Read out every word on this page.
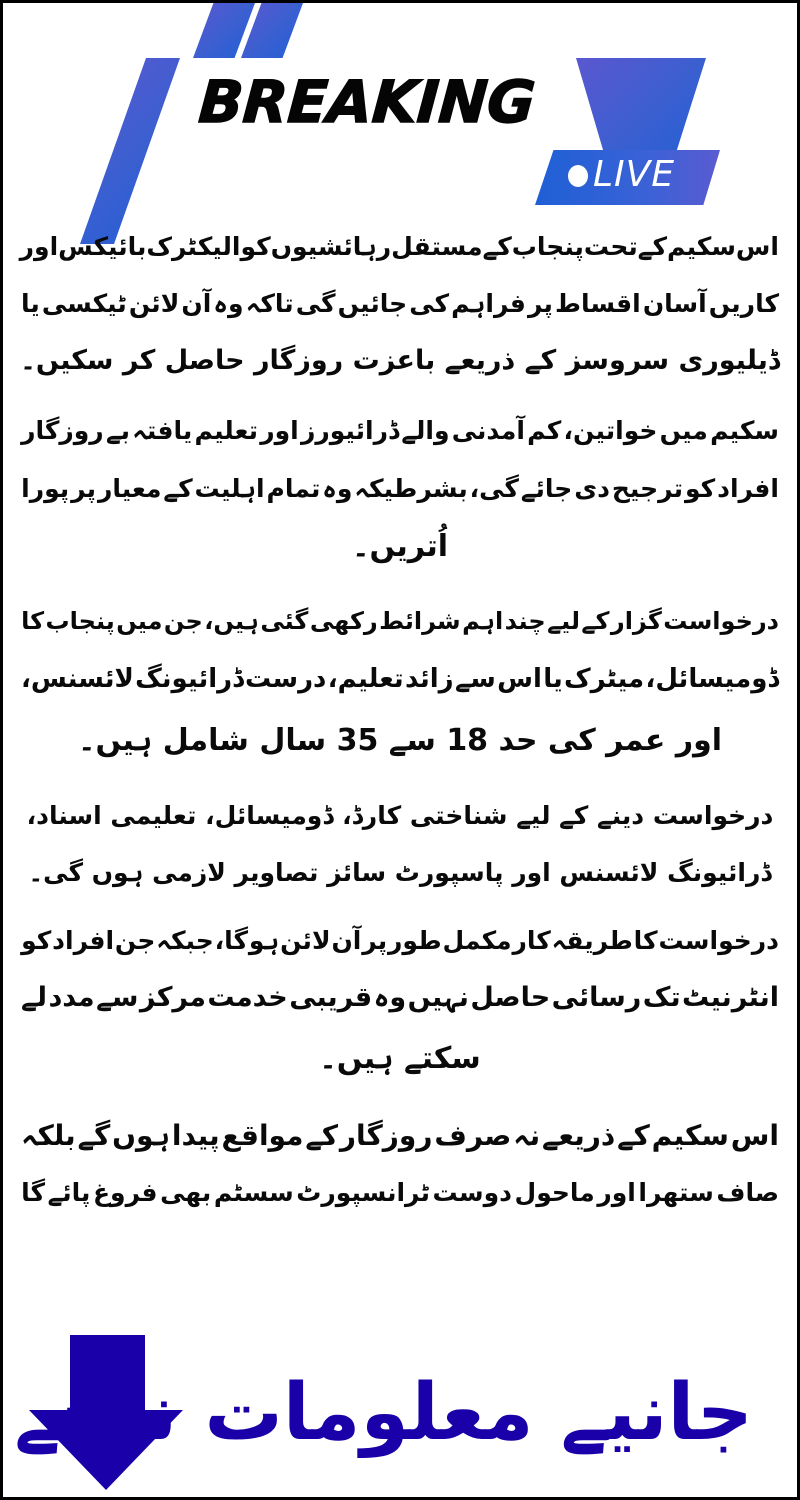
BREAKING
LIVE
اس
سکیم
کے
تحت
پنجاب
کے
مستقل
رہائشیوں
کو
الیکٹرک
بائیکس
اور
کاریں
آسان
اقساط
پر
فراہم
کی
جائیں
گی
تاکہ
وہ
آن
لائن
ٹیکسی
یا
ڈیلیوری سروسز کے ذریعے باعزت روزگار حاصل کر سکیں۔
سکیم
میں
خواتین،
کم
آمدنی
والے
ڈرائیورز
اور
تعلیم
یافتہ
بے
روزگار
افراد
کو
ترجیح
دی
جائے
گی،
بشرطیکہ
وہ
تمام
اہلیت
کے
معیار
پر
پورا
اُتریں۔
درخواست
گزار
کے
لیے
چند
اہم
شرائط
رکھی
گئی
ہیں،
جن
میں
پنجاب
کا
ڈومیسائل،
میٹرک
یا
اس
سے
زائد
تعلیم،
درست
ڈرائیونگ
لائسنس،
اور عمر کی حد 18 سے 35 سال شامل ہیں۔
درخواست دینے کے لیے شناختی کارڈ، ڈومیسائل، تعلیمی اسناد،
ڈرائیونگ لائسنس اور پاسپورٹ سائز تصاویر لازمی ہوں گی۔
درخواست
کا
طریقہ
کار
مکمل
طور
پر
آن
لائن
ہو
گا،
جبکہ
جن
افراد
کو
انٹرنیٹ
تک
رسائی
حاصل
نہیں
وہ
قریبی
خدمت
مرکز
سے
مدد
لے
سکتے ہیں۔
اس
سکیم
کے
ذریعے
نہ
صرف
روزگار
کے
مواقع
پیدا
ہوں
گے
بلکہ
صاف
ستھرا
اور
ماحول
دوست
ٹرانسپورٹ
سسٹم
بھی
فروغ
پائے
گا
جانیے معلومات نیچے
